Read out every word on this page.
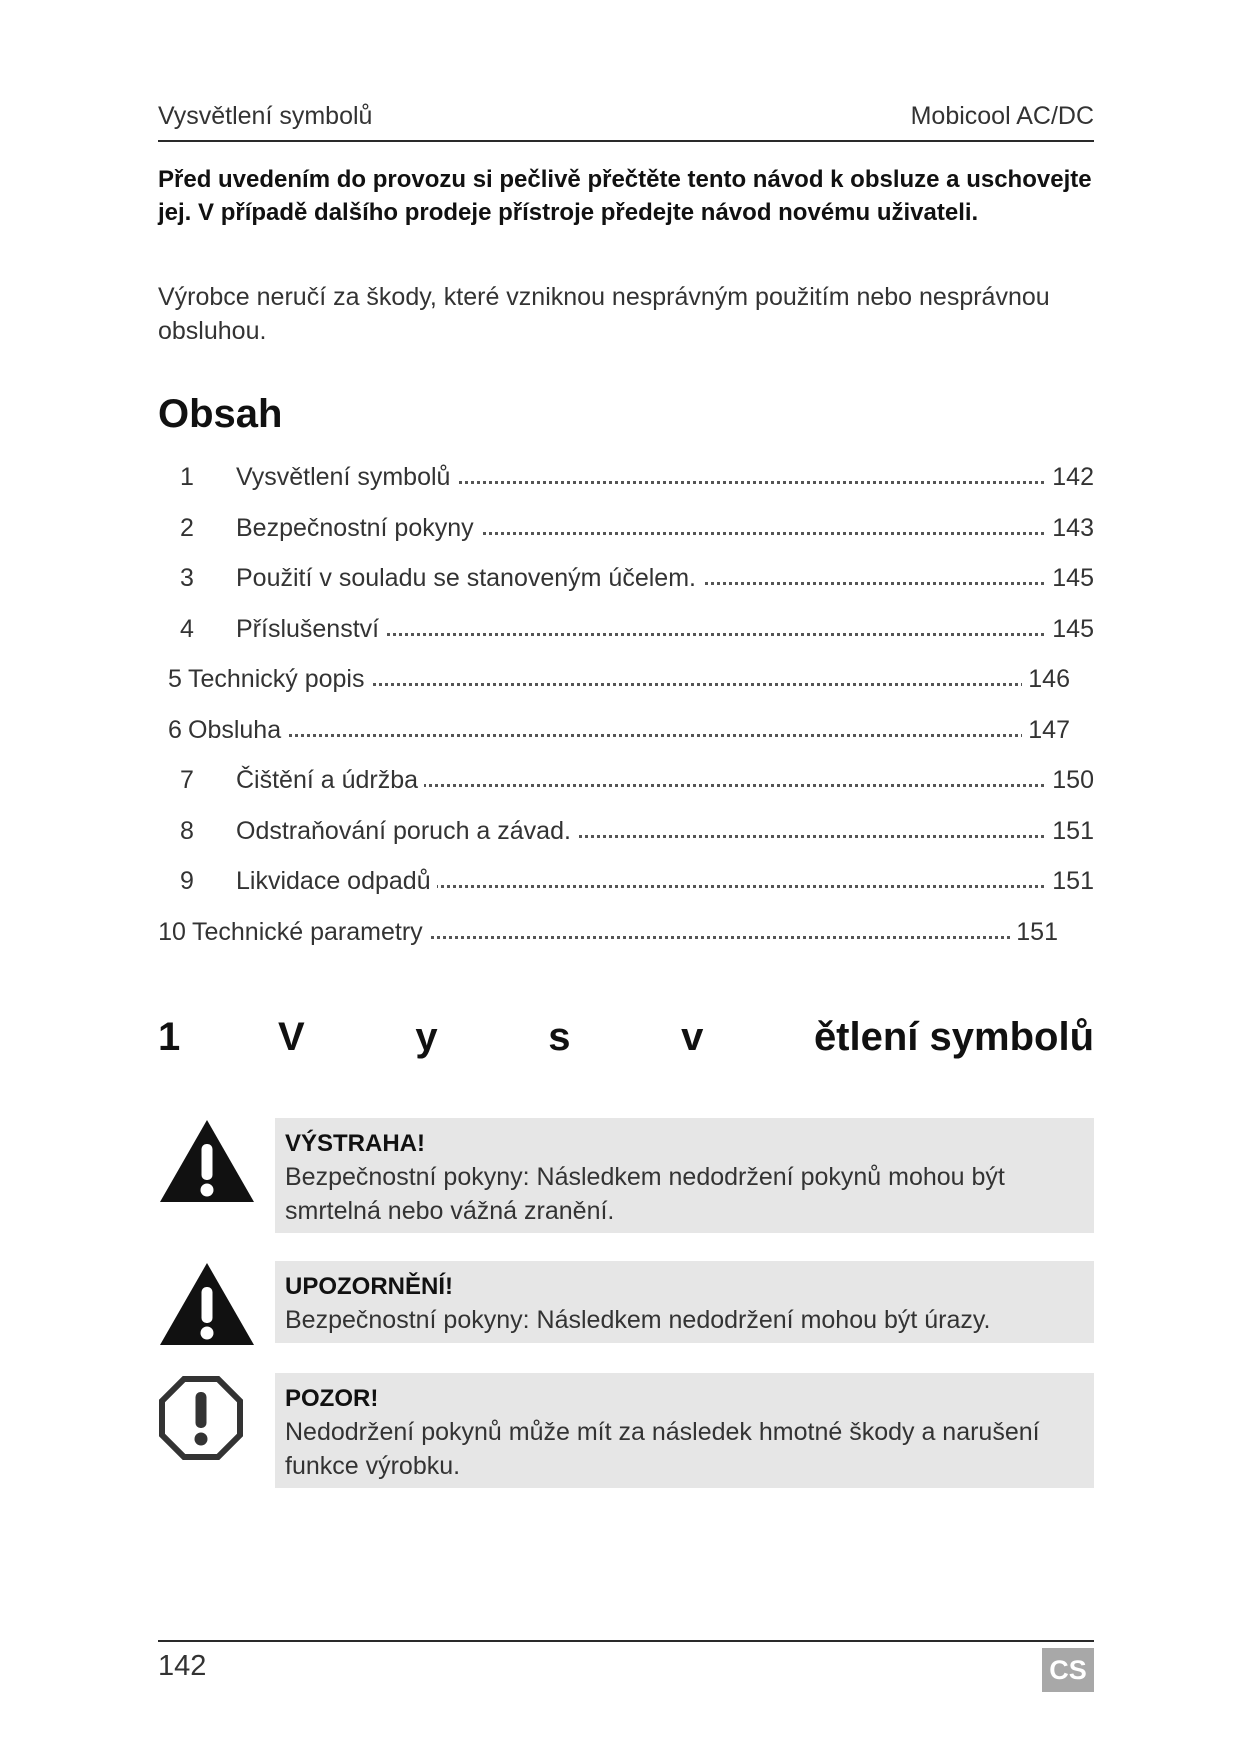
Vysvětlení symbolů	Mobicool AC/DC
Před uvedením do provozu si pečlivě přečtěte tento návod k obsluze a uschovejte jej. V případě dalšího prodeje přístroje předejte návod novému uživateli.
Výrobce neručí za škody, které vzniknou nesprávným použitím nebo nesprávnou obsluhou.
Obsah
1	Vysvětlení symbolů	142
2	Bezpečnostní pokyny	143
3	Použití v souladu se stanoveným účelem.	145
4	Příslušenství	145
5 Technický popis	146
6 Obsluha	147
7	Čištění a údržba	150
8	Odstraňování poruch a závad.	151
9	Likvidace odpadů	151
10 Technické parametry	151
1 V	y	s	v	ětlení symbolů
VÝSTRAHA!
Bezpečnostní pokyny: Následkem nedodržení pokynů mohou být smrtelná nebo vážná zranění.
UPOZORNĚNÍ!
Bezpečnostní pokyny: Následkem nedodržení mohou být úrazy.
POZOR!
Nedodržení pokynů může mít za následek hmotné škody a narušení funkce výrobku.
142	CS
